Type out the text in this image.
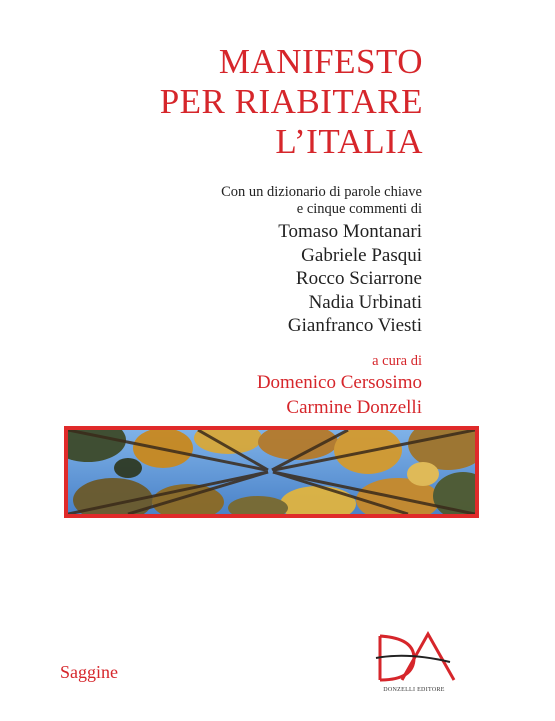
MANIFESTO
PER RIABITARE
L’ITALIA
Con un dizionario di parole chiave
e cinque commenti di
Tomaso Montanari
Gabriele Pasqui
Rocco Sciarrone
Nadia Urbinati
Gianfranco Viesti
a cura di
Domenico Cersosimo
Carmine Donzelli
Saggine
DONZELLI EDITORE
